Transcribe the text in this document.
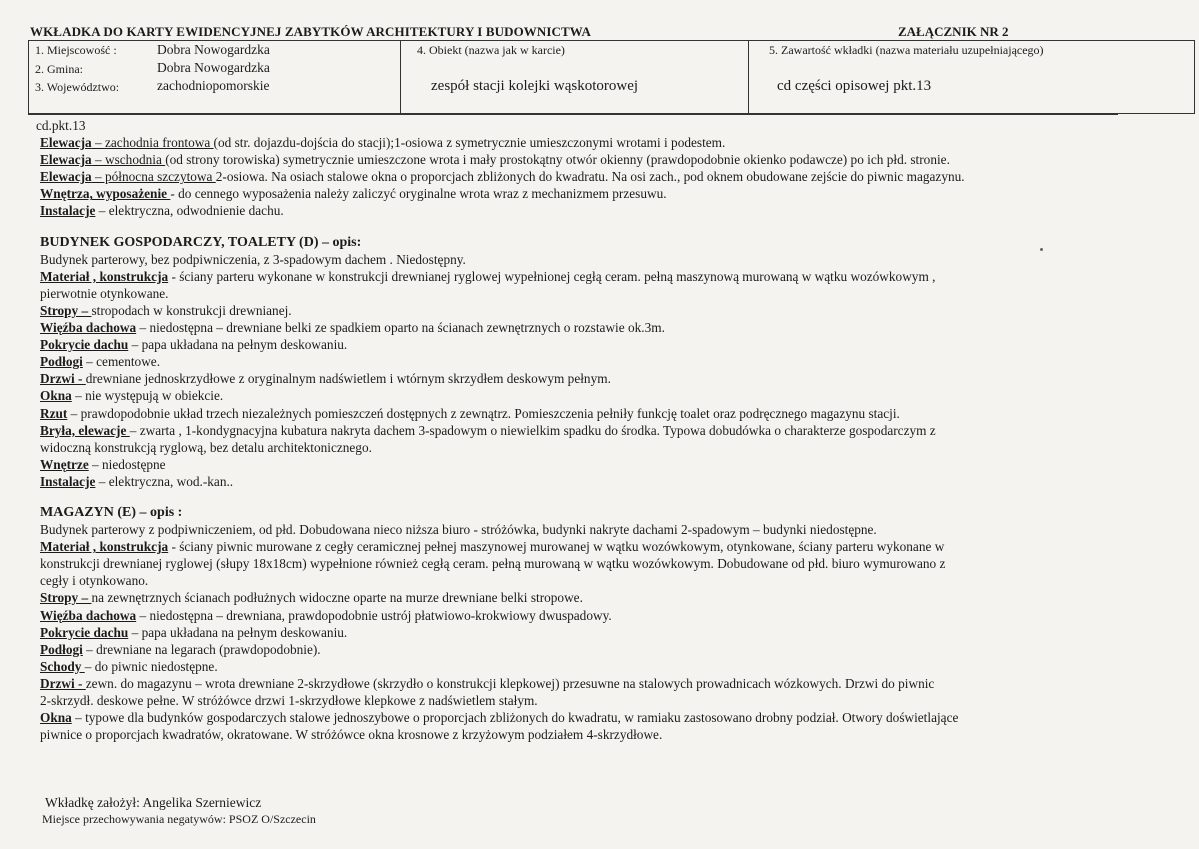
WKŁADKA DO KARTY EWIDENCYJNEJ ZABYTKÓW ARCHITEKTURY I BUDOWNICTWA	ZAŁĄCZNIK NR 2
1. Miejscowość :	Dobra Nowogardzka
2. Gmina:	Dobra Nowogardzka
3. Województwo:	zachodniopomorskie
4. Obiekt (nazwa jak w karcie)
zespół stacji kolejki wąskotorowej
5. Zawartość wkładki (nazwa materiału uzupełniającego)
cd części opisowej pkt.13

cd.pkt.13

Elewacja – zachodnia frontowa (od str. dojazdu-dojścia do stacji);1-osiowa z symetrycznie umieszczonymi wrotami i podestem.

Elewacja – wschodnia (od strony torowiska) symetrycznie umieszczone wrota i mały prostokątny otwór okienny (prawdopodobnie okienko podawcze) po ich płd. stronie.

Elewacja – północna szczytowa 2-osiowa. Na osiach stalowe okna o proporcjach zbliżonych do kwadratu. Na osi zach., pod oknem obudowane zejście do piwnic magazynu.

Wnętrza, wyposażenie - do cennego wyposażenia należy zaliczyć oryginalne wrota wraz z mechanizmem przesuwu.

Instalacje – elektryczna, odwodnienie dachu.

BUDYNEK GOSPODARCZY, TOALETY (D) – opis:

Budynek parterowy, bez podpiwniczenia, z 3-spadowym dachem . Niedostępny.

Materiał , konstrukcja - ściany parteru wykonane w konstrukcji drewnianej ryglowej wypełnionej cegłą ceram. pełną maszynową murowaną w wątku wozówkowym ,

pierwotnie otynkowane.

Stropy – stropodach w konstrukcji drewnianej.

Więźba dachowa – niedostępna – drewniane belki ze spadkiem oparto na ścianach zewnętrznych o rozstawie ok.3m.

Pokrycie dachu – papa układana na pełnym deskowaniu.

Podłogi – cementowe.

Drzwi - drewniane jednoskrzydłowe z oryginalnym nadświetlem i wtórnym skrzydłem deskowym pełnym.

Okna – nie występują w obiekcie.

Rzut – prawdopodobnie układ trzech niezależnych pomieszczeń dostępnych z zewnątrz. Pomieszczenia pełniły funkcję toalet oraz podręcznego magazynu stacji.

Bryła, elewacje – zwarta , 1-kondygnacyjna kubatura nakryta dachem 3-spadowym o niewielkim spadku do środka. Typowa dobudówka o charakterze gospodarczym z

widoczną konstrukcją ryglową, bez detalu architektonicznego.

Wnętrze – niedostępne

Instalacje – elektryczna, wod.-kan..

MAGAZYN (E) – opis :

Budynek parterowy z podpiwniczeniem, od płd. Dobudowana nieco niższa biuro - stróżówka, budynki nakryte dachami 2-spadowym – budynki niedostępne.

Materiał , konstrukcja - ściany piwnic murowane z cegły ceramicznej pełnej maszynowej murowanej w wątku wozówkowym, otynkowane, ściany parteru wykonane w

konstrukcji drewnianej ryglowej (słupy 18x18cm) wypełnione również cegłą ceram. pełną murowaną w wątku wozówkowym. Dobudowane od płd. biuro wymurowano z

cegły i otynkowano.

Stropy – na zewnętrznych ścianach podłużnych widoczne oparte na murze drewniane belki stropowe.

Więźba dachowa – niedostępna – drewniana, prawdopodobnie ustrój płatwiowo-krokwiowy dwuspadowy.

Pokrycie dachu – papa układana na pełnym deskowaniu.

Podłogi – drewniane na legarach (prawdopodobnie).

Schody – do piwnic niedostępne.

Drzwi - zewn. do magazynu – wrota drewniane 2-skrzydłowe (skrzydło o konstrukcji klepkowej) przesuwne na stalowych prowadnicach wózkowych. Drzwi do piwnic

2-skrzydł. deskowe pełne. W stróżówce drzwi 1-skrzydłowe klepkowe z nadświetlem stałym.

Okna – typowe dla budynków gospodarczych stalowe jednoszybowe o proporcjach zbliżonych do kwadratu, w ramiaku zastosowano drobny podział. Otwory doświetlające

piwnice o proporcjach kwadratów, okratowane. W stróżówce okna krosnowe z krzyżowym podziałem 4-skrzydłowe.

Wkładkę założył: Angelika Szerniewicz
Miejsce przechowywania negatywów: PSOZ O/Szczecin
